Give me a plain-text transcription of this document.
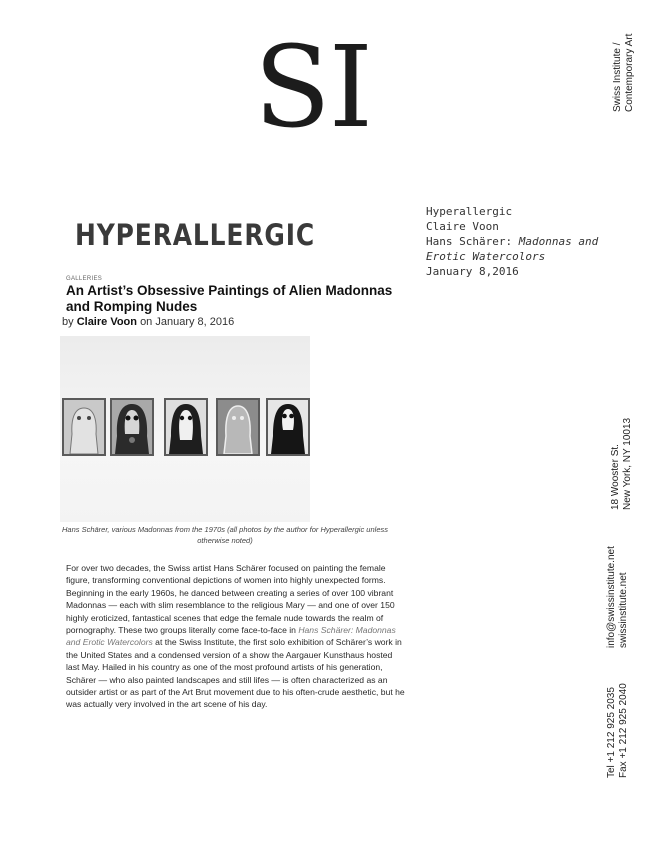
SI	Swiss Institute / Contemporary Art
18 Wooster St. New York, NY 10013
info@swissinstitute.net swissinstitute.net
Tel +1 212 925 2035 Fax +1 212 925 2040
Hyperallergic
Claire Voon
Hans Schärer: Madonnas and
Erotic Watercolors
January 8,2016
HYPERALLERGIC
GALLERIES
An Artist’s Obsessive Paintings of Alien Madonnas and Romping Nudes
by Claire Voon on January 8, 2016
Hans Schärer, various Madonnas from the 1970s (all photos by the author for Hyperallergic unless otherwise noted)
For over two decades, the Swiss artist Hans Schärer focused on painting the female figure, transforming conventional depictions of women into highly unexpected forms. Beginning in the early 1960s, he danced between creating a series of over 100 vibrant Madonnas — each with slim resemblance to the religious Mary — and one of over 150 highly eroticized, fantastical scenes that edge the female nude towards the realm of pornography. These two groups literally come face-to-face in Hans Schärer: Madonnas and Erotic Watercolors at the Swiss Institute, the first solo exhibition of Schärer’s work in the United States and a condensed version of a show the Aargauer Kunsthaus hosted last May. Hailed in his country as one of the most profound artists of his generation, Schärer — who also painted landscapes and still lifes — is often characterized as an outsider artist or as part of the Art Brut movement due to his often-crude aesthetic, but he was actually very involved in the art scene of his day.
